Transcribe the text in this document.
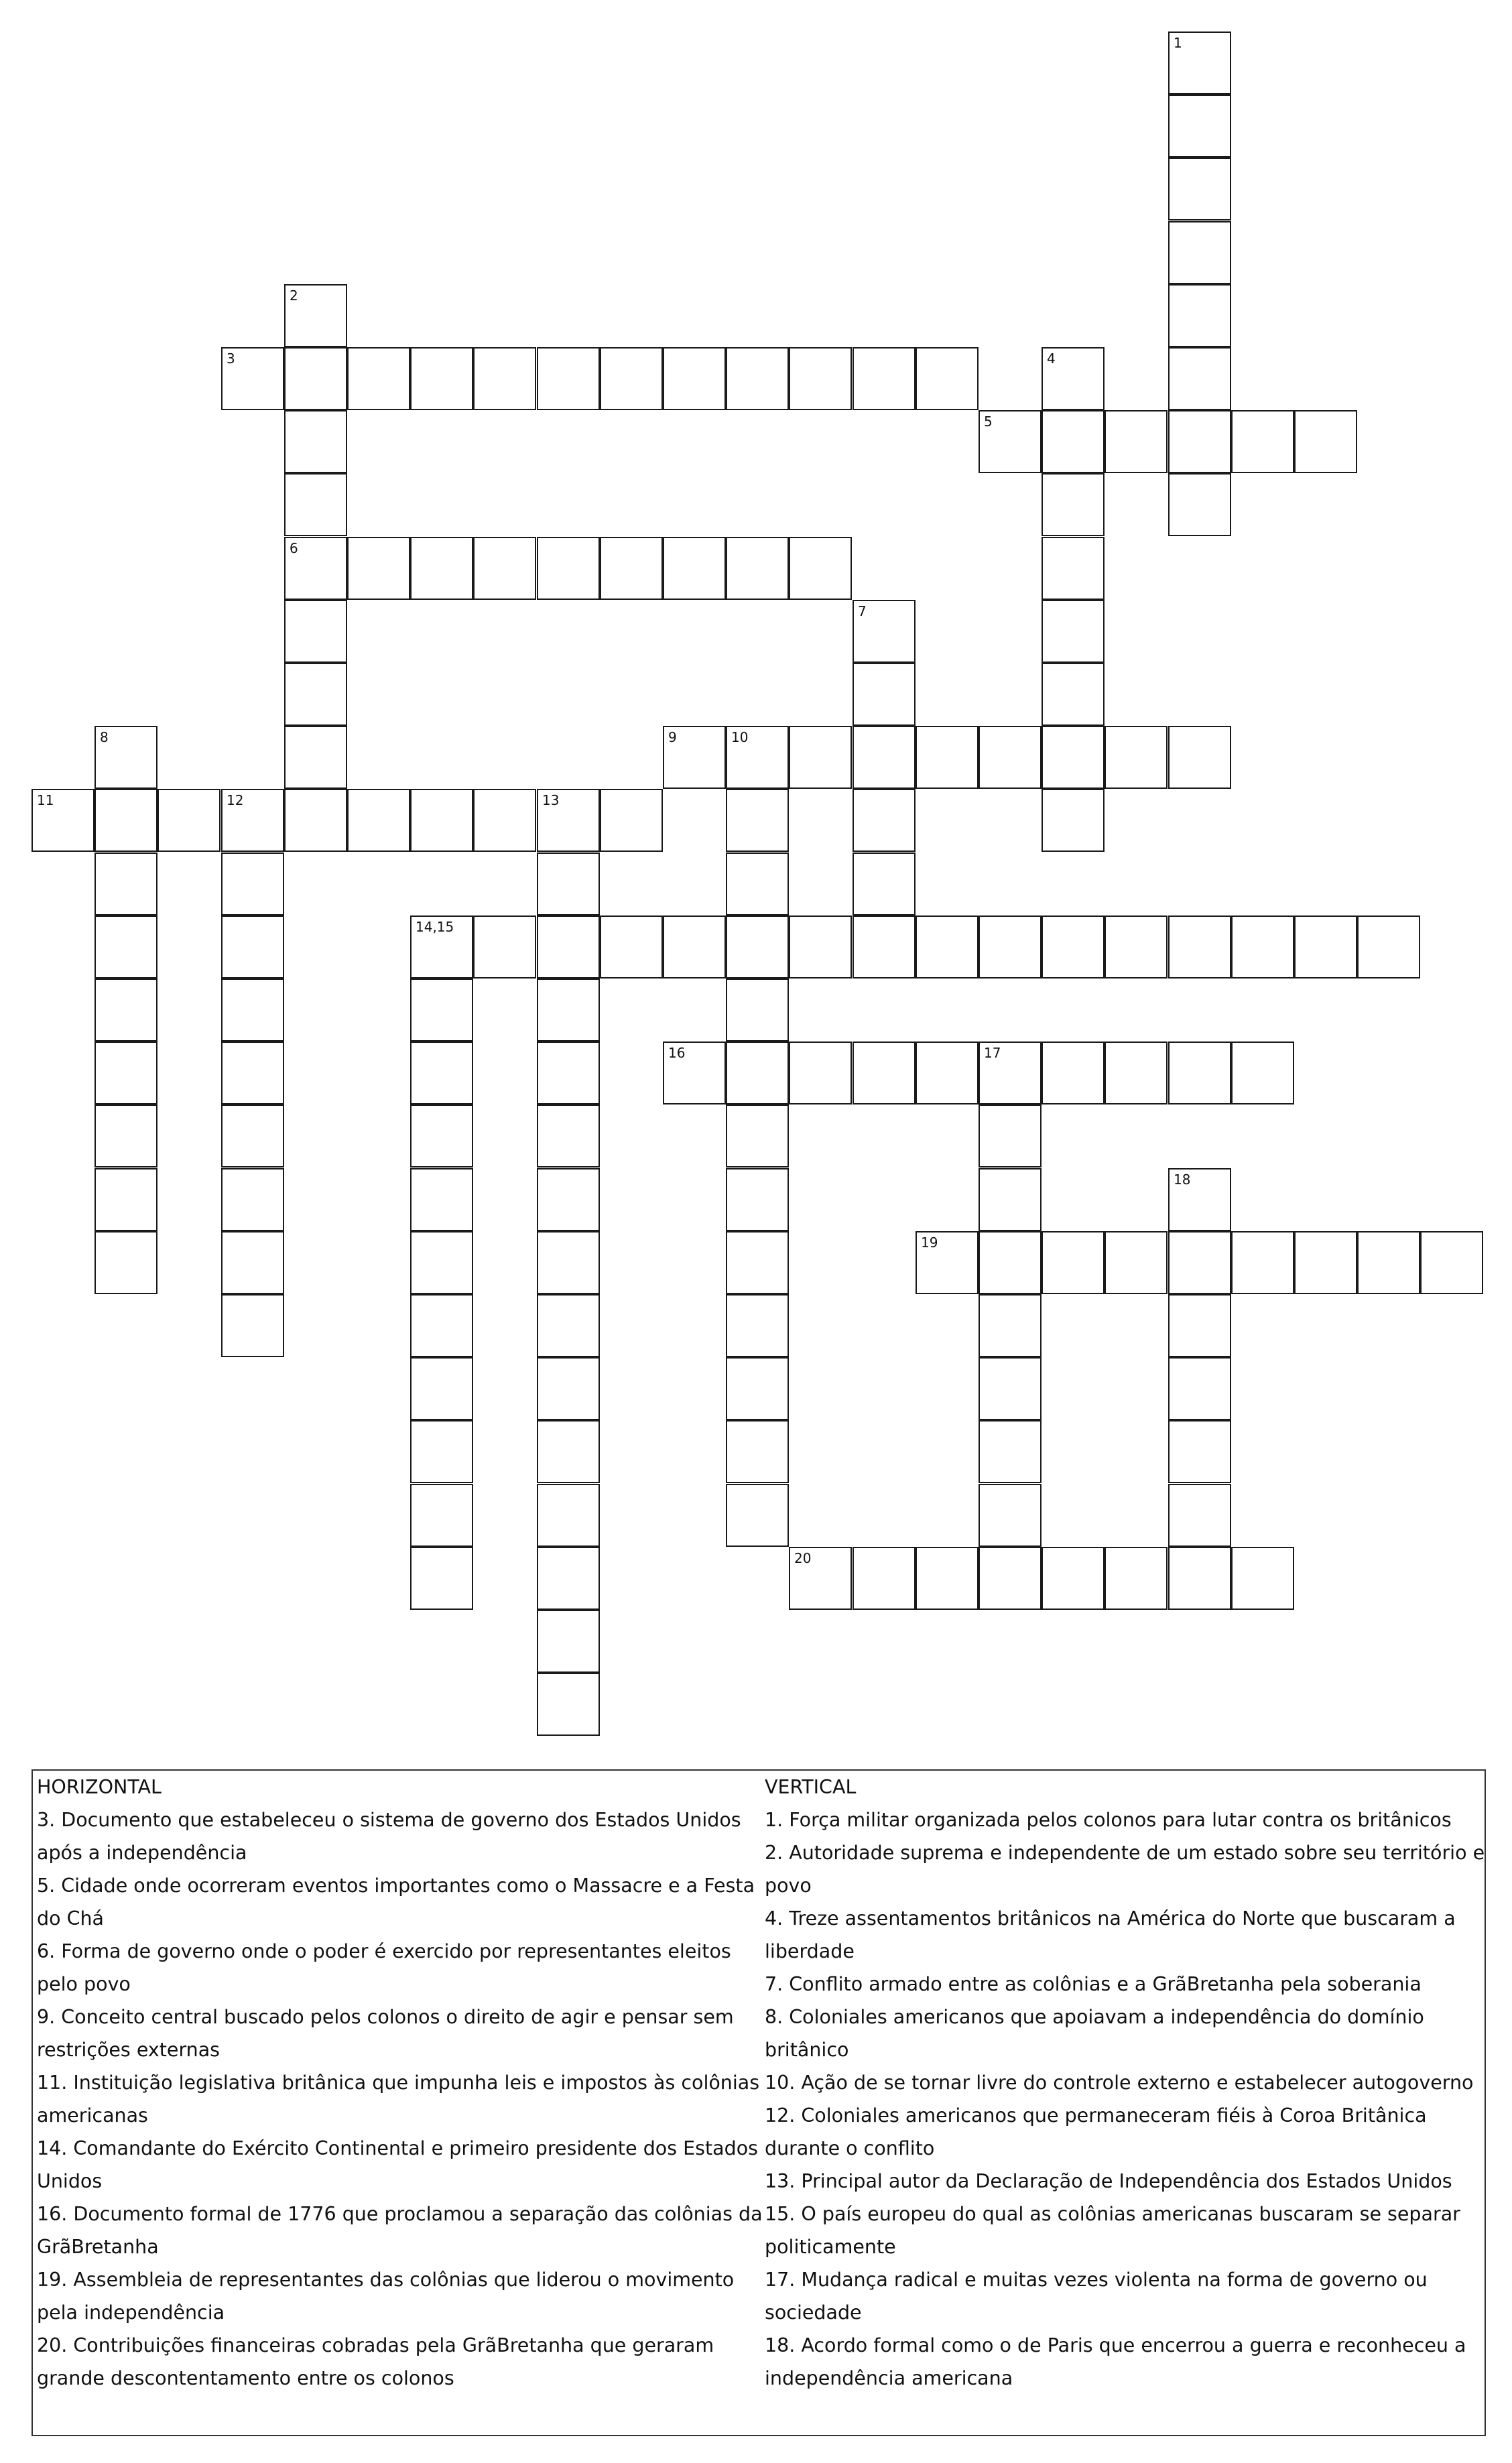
1
2
6
3	4
5
7
8	9	10
11	12	13
14,15
16	17
18
19
20
HORIZONTAL
3. Documento que estabeleceu o sistema de governo dos Estados Unidos após a independência
5. Cidade onde ocorreram eventos importantes como o Massacre e a Festa do Chá
6. Forma de governo onde o poder é exercido por representantes eleitos pelo povo
9. Conceito central buscado pelos colonos o direito de agir e pensar sem restrições externas
11. Instituição legislativa britânica que impunha leis e impostos às colônias americanas
14. Comandante do Exército Continental e primeiro presidente dos Estados Unidos
16. Documento formal de 1776 que proclamou a separação das colônias da GrãBretanha
19. Assembleia de representantes das colônias que liderou o movimento pela independência
20. Contribuições financeiras cobradas pela GrãBretanha que geraram grande descontentamento entre os colonos
VERTICAL
1. Força militar organizada pelos colonos para lutar contra os britânicos
2. Autoridade suprema e independente de um estado sobre seu território e povo
4. Treze assentamentos britânicos na América do Norte que buscaram a liberdade
7. Conflito armado entre as colônias e a GrãBretanha pela soberania
8. Coloniales americanos que apoiavam a independência do domínio britânico
10. Ação de se tornar livre do controle externo e estabelecer autogoverno
12. Coloniales americanos que permaneceram fiéis à Coroa Britânica durante o conflito
13. Principal autor da Declaração de Independência dos Estados Unidos
15. O país europeu do qual as colônias americanas buscaram se separar politicamente
17. Mudança radical e muitas vezes violenta na forma de governo ou sociedade
18. Acordo formal como o de Paris que encerrou a guerra e reconheceu a independência americana
